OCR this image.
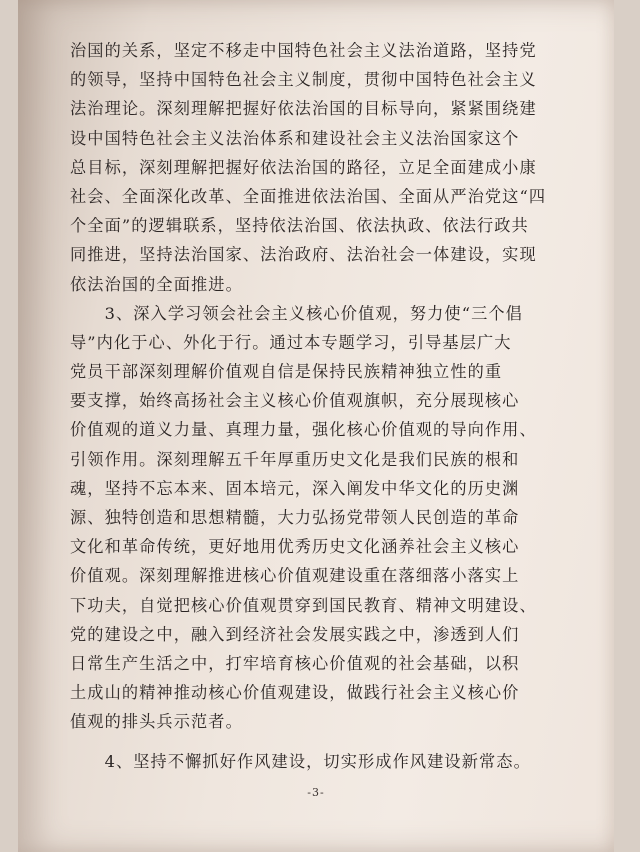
治国的关系，坚定不移走中国特色社会主义法治道路，坚持党
的领导，坚持中国特色社会主义制度，贯彻中国特色社会主义
法治理论。深刻理解把握好依法治国的目标导向，紧紧围绕建
设中国特色社会主义法治体系和建设社会主义法治国家这个
总目标，深刻理解把握好依法治国的路径，立足全面建成小康
社会、全面深化改革、全面推进依法治国、全面从严治党这“四
个全面”的逻辑联系，坚持依法治国、依法执政、依法行政共
同推进，坚持法治国家、法治政府、法治社会一体建设，实现
依法治国的全面推进。
　　3、深入学习领会社会主义核心价值观，努力使“三个倡
导”内化于心、外化于行。通过本专题学习，引导基层广大
党员干部深刻理解价值观自信是保持民族精神独立性的重
要支撑，始终高扬社会主义核心价值观旗帜，充分展现核心
价值观的道义力量、真理力量，强化核心价值观的导向作用、
引领作用。深刻理解五千年厚重历史文化是我们民族的根和
魂，坚持不忘本来、固本培元，深入阐发中华文化的历史渊
源、独特创造和思想精髓，大力弘扬党带领人民创造的革命
文化和革命传统，更好地用优秀历史文化涵养社会主义核心
价值观。深刻理解推进核心价值观建设重在落细落小落实上
下功夫，自觉把核心价值观贯穿到国民教育、精神文明建设、
党的建设之中，融入到经济社会发展实践之中，渗透到人们
日常生产生活之中，打牢培育核心价值观的社会基础，以积
土成山的精神推动核心价值观建设，做践行社会主义核心价
值观的排头兵示范者。
　　4、坚持不懈抓好作风建设，切实形成作风建设新常态。
-3-
